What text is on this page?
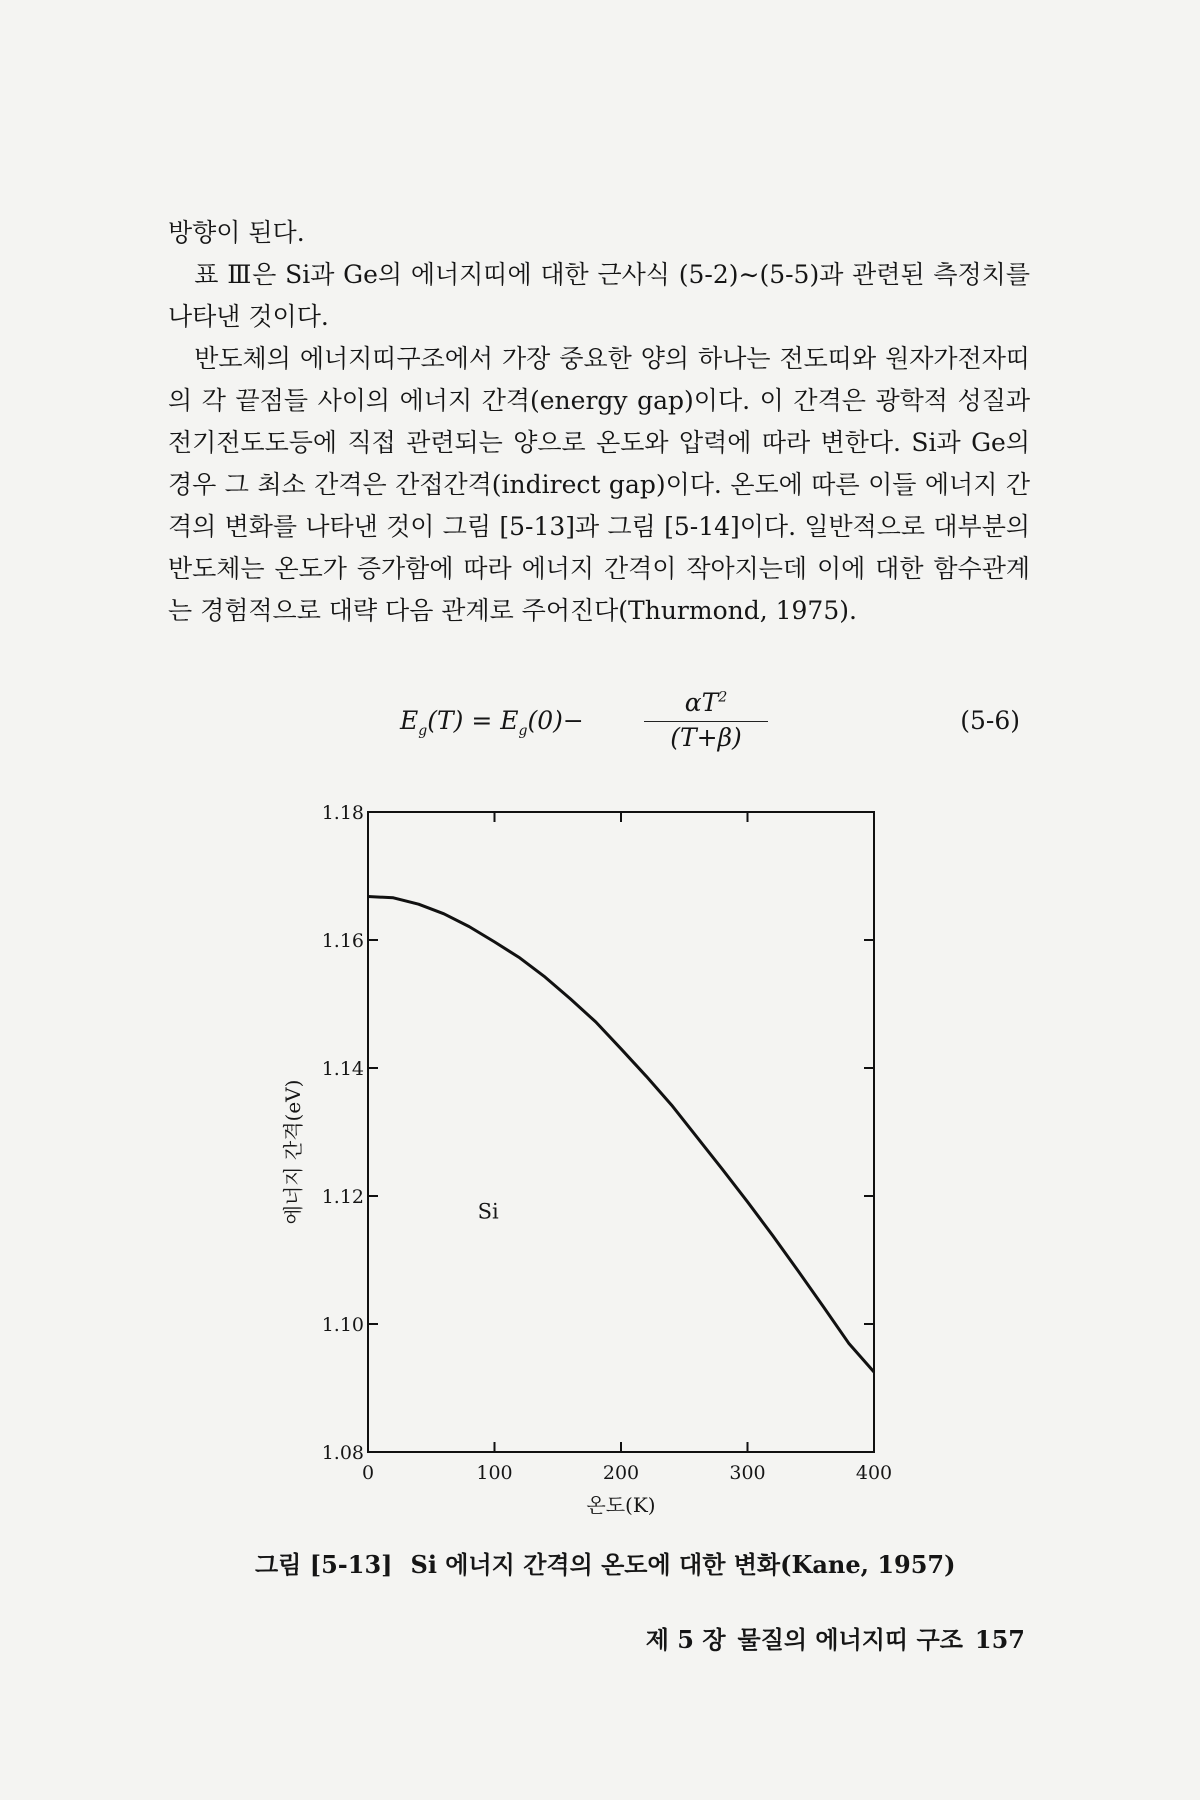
방향이 된다.
표 Ⅲ은 Si과 Ge의 에너지띠에 대한 근사식 (5-2)∼(5-5)과 관련된 측정치를 나타낸 것이다.
반도체의 에너지띠구조에서 가장 중요한 양의 하나는 전도띠와 원자가전자띠의 각 끝점들 사이의 에너지 간격(energy gap)이다. 이 간격은 광학적 성질과 전기전도도등에 직접 관련되는 양으로 온도와 압력에 따라 변한다. Si과 Ge의 경우 그 최소 간격은 간접간격(indirect gap)이다. 온도에 따른 이들 에너지 간격의 변화를 나타낸 것이 그림 [5-13]과 그림 [5-14]이다. 일반적으로 대부분의 반도체는 온도가 증가함에 따라 에너지 간격이 작아지는데 이에 대한 함수관계는 경험적으로 대략 다음 관계로 주어진다(Thurmond, 1975).
$E_g(T) = E_g(0)-$
$\alpha T^2$
(T+β)
(5-6)
0	100	200	300	400
1.08
1.10
1.12
1.14
1.16
1.18
온도(K)
에너지 간격(eV)	Si
그림 [5-13] Si 에너지 간격의 온도에 대한 변화(Kane, 1957)
제 5 장 물질의 에너지띠 구조 157
